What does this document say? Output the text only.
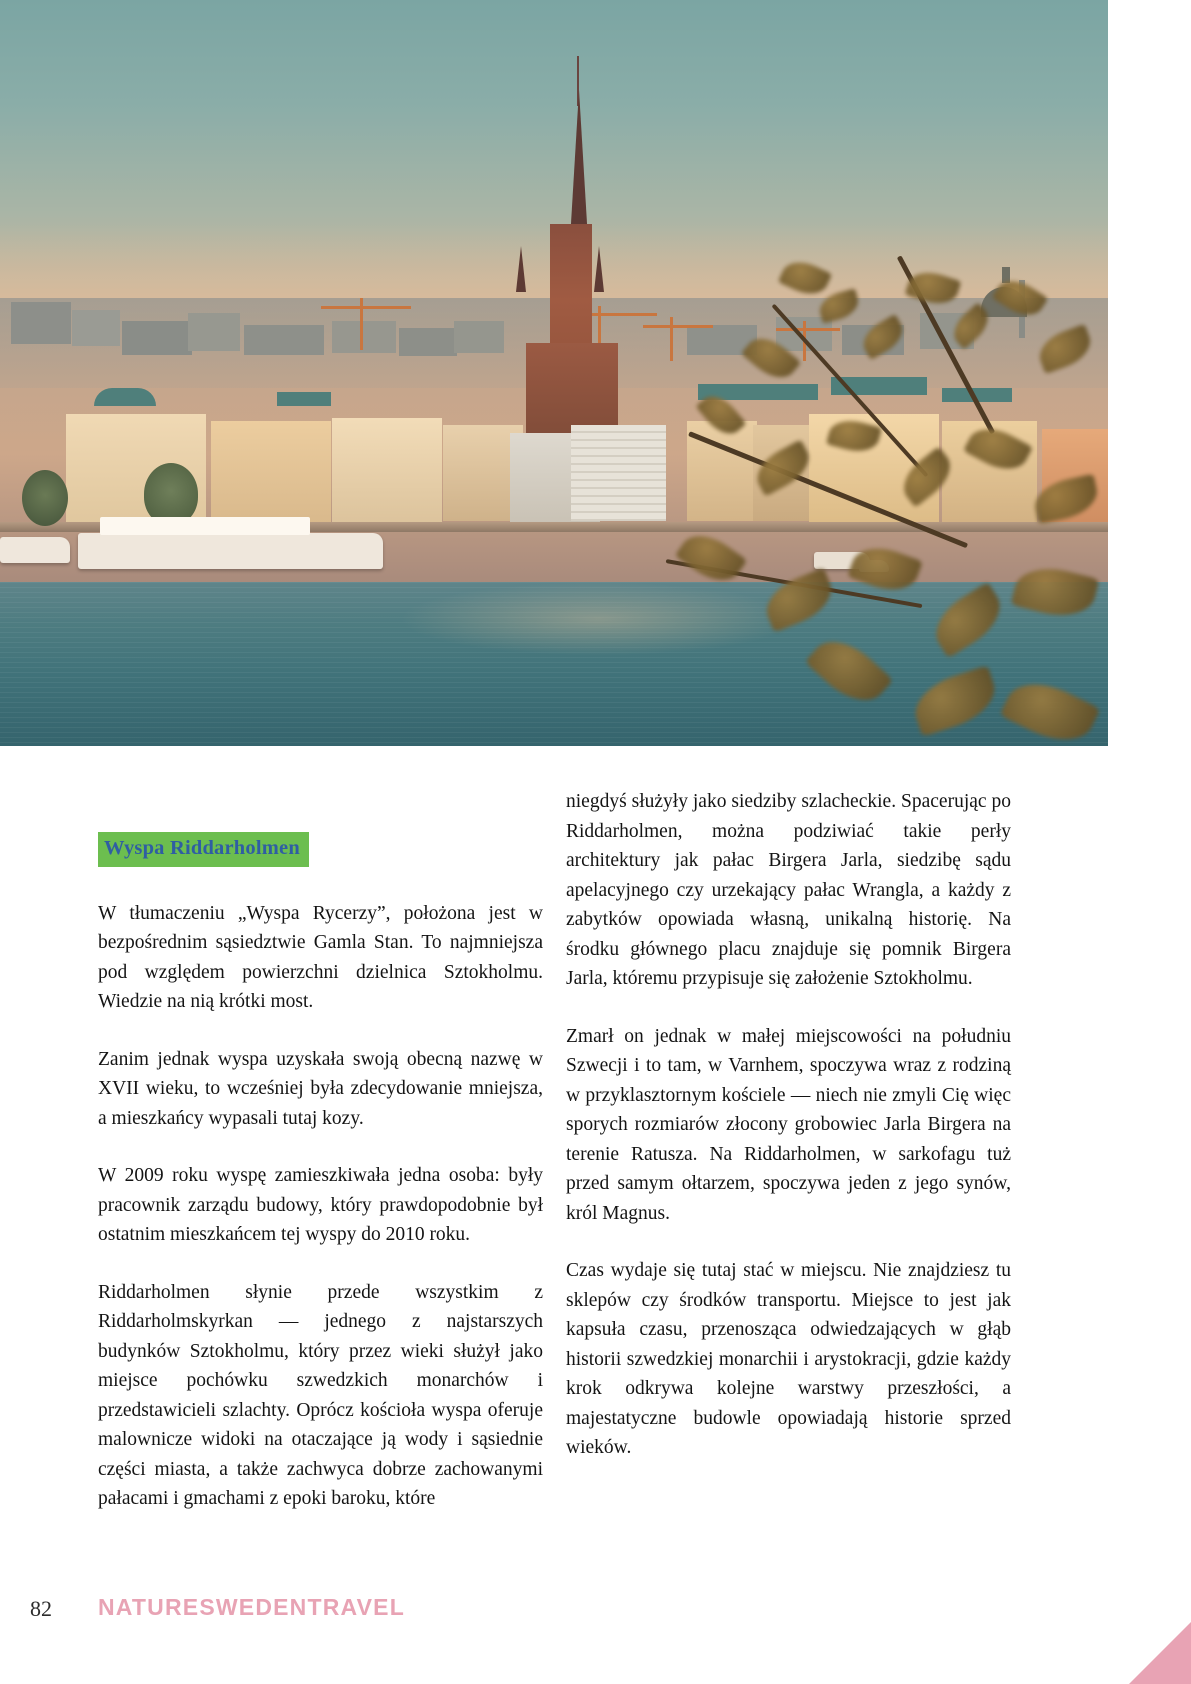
Wyspa Riddarholmen

W tłumaczeniu „Wyspa Rycerzy”, położona jest w bezpośrednim sąsiedztwie Gamla Stan. To najmniejsza pod względem powierzchni dzielnica Sztokholmu. Wiedzie na nią krótki most.

Zanim jednak wyspa uzyskała swoją obecną nazwę w XVII wieku, to wcześniej była zdecydowanie mniejsza, a mieszkańcy wypasali tutaj kozy.

W 2009 roku wyspę zamieszkiwała jedna osoba: były pracownik zarządu budowy, który prawdopodobnie był ostatnim mieszkańcem tej wyspy do 2010 roku.

Riddarholmen słynie przede wszystkim z Riddarholmskyrkan — jednego z najstarszych budynków Sztokholmu, który przez wieki służył jako miejsce pochówku szwedzkich monarchów i przedstawicieli szlachty. Oprócz kościoła wyspa oferuje malownicze widoki na otaczające ją wody i sąsiednie części miasta, a także zachwyca dobrze zachowanymi pałacami i gmachami z epoki baroku, które

niegdyś służyły jako siedziby szlacheckie. Spacerując po Riddarholmen, można podziwiać takie perły architektury jak pałac Birgera Jarla, siedzibę sądu apelacyjnego czy urzekający pałac Wrangla, a każdy z zabytków opowiada własną, unikalną historię. Na środku głównego placu znajduje się pomnik Birgera Jarla, któremu przypisuje się założenie Sztokholmu.

Zmarł on jednak w małej miejscowości na południu Szwecji i to tam, w Varnhem, spoczywa wraz z rodziną w przyklasztornym kościele — niech nie zmyli Cię więc sporych rozmiarów złocony grobowiec Jarla Birgera na terenie Ratusza. Na Riddarholmen, w sarkofagu tuż przed samym ołtarzem, spoczywa jeden z jego synów, król Magnus.

Czas wydaje się tutaj stać w miejscu. Nie znajdziesz tu sklepów czy środków transportu. Miejsce to jest jak kapsuła czasu, przenosząca odwiedzających w głąb historii szwedzkiej monarchii i arystokracji, gdzie każdy krok odkrywa kolejne warstwy przeszłości, a majestatyczne budowle opowiadają historie sprzed wieków.

82 NATURESWEDENTRAVEL
